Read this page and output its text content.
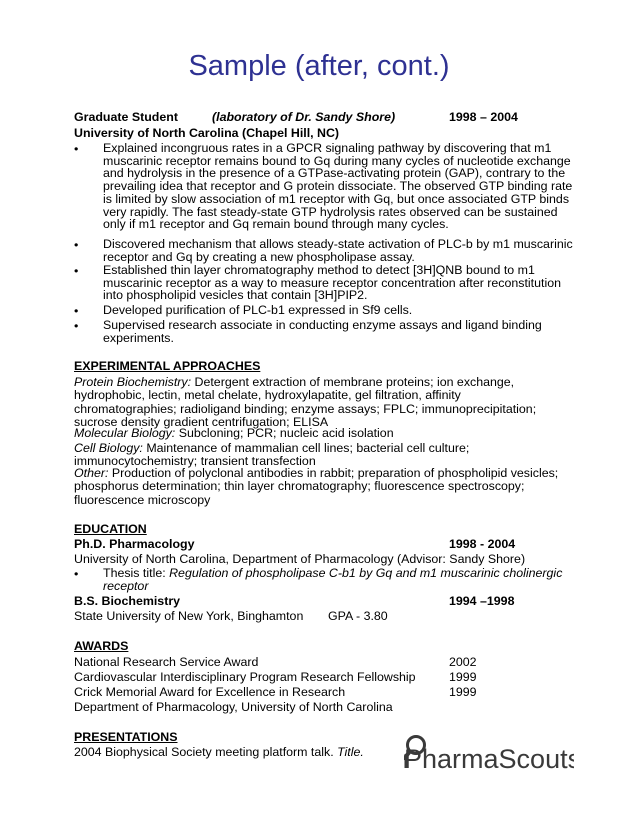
Sample (after, cont.)
Graduate Student	(laboratory of Dr. Sandy Shore)	1998 – 2004
University of North Carolina (Chapel Hill, NC)
• Explained incongruous rates in a GPCR signaling pathway by discovering that m1 muscarinic receptor remains bound to Gq during many cycles of nucleotide exchange and hydrolysis in the presence of a GTPase-activating protein (GAP), contrary to the prevailing idea that receptor and G protein dissociate. The observed GTP binding rate is limited by slow association of m1 receptor with Gq, but once associated GTP binds very rapidly. The fast steady-state GTP hydrolysis rates observed can be sustained only if m1 receptor and Gq remain bound through many cycles.
• Discovered mechanism that allows steady-state activation of PLC-b by m1 muscarinic receptor and Gq by creating a new phospholipase assay.
• Established thin layer chromatography method to detect [3H]QNB bound to m1 muscarinic receptor as a way to measure receptor concentration after reconstitution into phospholipid vesicles that contain [3H]PIP2.
• Developed purification of PLC-b1 expressed in Sf9 cells.
• Supervised research associate in conducting enzyme assays and ligand binding experiments.
EXPERIMENTAL APPROACHES
Protein Biochemistry: Detergent extraction of membrane proteins; ion exchange, hydrophobic, lectin, metal chelate, hydroxylapatite, gel filtration, affinity chromatographies; radioligand binding; enzyme assays; FPLC; immunoprecipitation; sucrose density gradient centrifugation; ELISA
Molecular Biology: Subcloning; PCR; nucleic acid isolation
Cell Biology: Maintenance of mammalian cell lines; bacterial cell culture; immunocytochemistry; transient transfection
Other: Production of polyclonal antibodies in rabbit; preparation of phospholipid vesicles; phosphorus determination; thin layer chromatography; fluorescence spectroscopy; fluorescence microscopy
EDUCATION
Ph.D. Pharmacology	1998 - 2004
University of North Carolina, Department of Pharmacology (Advisor: Sandy Shore)
• Thesis title: Regulation of phospholipase C-b1 by Gq and m1 muscarinic cholinergic receptor
B.S. Biochemistry	1994 –1998
State University of New York, Binghamton GPA - 3.80
AWARDS
National Research Service Award	2002
Cardiovascular Interdisciplinary Program Research Fellowship	1999
Crick Memorial Award for Excellence in Research	1999
Department of Pharmacology, University of North Carolina
PRESENTATIONS
2004 Biophysical Society meeting platform talk. Title. PharmaScouts
